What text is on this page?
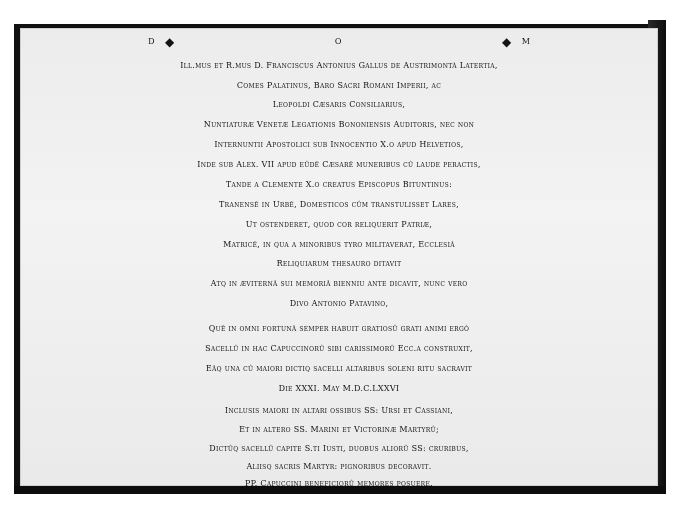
D ◆	O	◆ M
Ill.mus et R.mus D. Franciscus Antonius Gallus de Austrimontà Latertia,
Comes Palatinus, Baro Sacri Romani Imperii, ac
Leopoldi Cæsaris Consiliarius,
Nuntiaturæ Venetæ Legationis Bononiensis Auditoris, nec non
Internuntii Apostolici sub Innocentio X.o apud Helvetios,
Inde sub Alex. VII apud eûdê Cæsarê muneribus cû laude peractis,
Tande a Clemente X.o creatus Episcopus Bituntinus:
Tranensê in Urbê, Domesticos cûm transtulisset Lares,
Ut ostenderet, quod cor reliquerit Patriæ,
Matricê, in qua a minoribus tyro militaverat, Ecclesiâ
Reliquiarum thesauro ditavit
Atq in æviternâ sui memoriâ bienniu ante dicavit, nunc vero
Divo Antonio Patavino,
Quê in omni fortunâ semper habuit gratiosû grati animi ergò
Sacellû in hac Capuccinorû sibi carissimorû Ecc.a construxit,
Eâq una cû maiori dictiq sacelli altaribus soleni ritu sacravit
Die XXXI. May M.D.C.LXXVI
Inclusis maiori in altari ossibus SS: Ursi et Cassiani,
Et in altero SS. Marini et Victorinæ Martyrû;
Dictûq sacellû capite S.ti Iusti, duobus aliorû SS: cruribus,
Aliisq sacris Martyr: pignoribus decoravit.
PP. Capuccini beneficiorû memores posuere.
